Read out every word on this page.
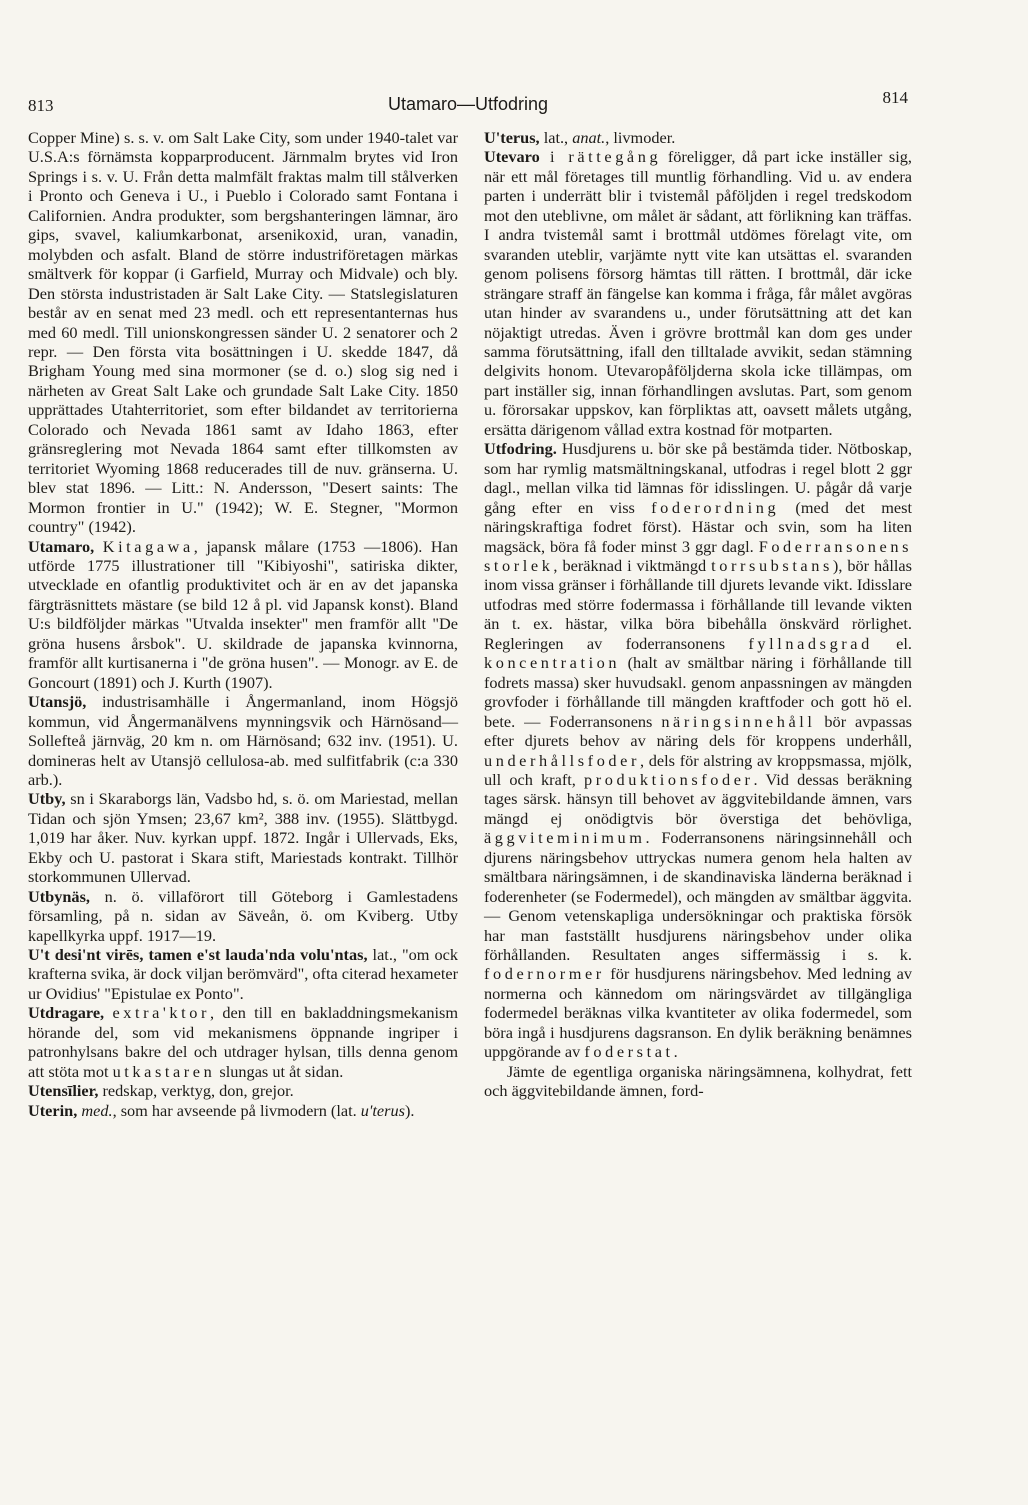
813	Utamaro—Utfodring	814

Copper Mine) s. s. v. om Salt Lake City, som under 1940-talet var U.S.A:s förnämsta kopparproducent. Järnmalm brytes vid Iron Springs i s. v. U. Från detta malmfält fraktas malm till stålverken i Pronto och Geneva i U., i Pueblo i Colorado samt Fontana i Californien. Andra produkter, som bergshanteringen lämnar, äro gips, svavel, kaliumkarbonat, arsenikoxid, uran, vanadin, molybden och asfalt. Bland de större industriföretagen märkas smältverk för koppar (i Garfield, Murray och Midvale) och bly. Den största industristaden är Salt Lake City. — Statslegislaturen består av en senat med 23 medl. och ett representanternas hus med 60 medl. Till unionskongressen sänder U. 2 senatorer och 2 repr. — Den första vita bosättningen i U. skedde 1847, då Brigham Young med sina mormoner (se d. o.) slog sig ned i närheten av Great Salt Lake och grundade Salt Lake City. 1850 upprättades Utahterritoriet, som efter bildandet av territorierna Colorado och Nevada 1861 samt av Idaho 1863, efter gränsreglering mot Nevada 1864 samt efter tillkomsten av territoriet Wyoming 1868 reducerades till de nuv. gränserna. U. blev stat 1896. — Litt.: N. Andersson, "Desert saints: The Mormon frontier in U." (1942); W. E. Stegner, "Mormon country" (1942).

Utamaro, Kitagawa, japansk målare (1753 —1806). Han utförde 1775 illustrationer till "Kibiyoshi", satiriska dikter, utvecklade en ofantlig produktivitet och är en av det japanska färgträsnittets mästare (se bild 12 å pl. vid Japansk konst). Bland U:s bildföljder märkas "Utvalda insekter" men framför allt "De gröna husens årsbok". U. skildrade de japanska kvinnorna, framför allt kurtisanerna i "de gröna husen". — Monogr. av E. de Goncourt (1891) och J. Kurth (1907).

Utansjö, industrisamhälle i Ångermanland, inom Högsjö kommun, vid Ångermanälvens mynningsvik och Härnösand—Sollefteå järnväg, 20 km n. om Härnösand; 632 inv. (1951). U. domineras helt av Utansjö cellulosa-ab. med sulfitfabrik (c:a 330 arb.).

Utby, sn i Skaraborgs län, Vadsbo hd, s. ö. om Mariestad, mellan Tidan och sjön Ymsen; 23,67 km², 388 inv. (1955). Slättbygd. 1,019 har åker. Nuv. kyrkan uppf. 1872. Ingår i Ullervads, Eks, Ekby och U. pastorat i Skara stift, Mariestads kontrakt. Tillhör storkommunen Ullervad.

Utbynäs, n. ö. villaförort till Göteborg i Gamlestadens församling, på n. sidan av Säveån, ö. om Kviberg. Utby kapellkyrka uppf. 1917—19.

U't desi'nt virēs, tamen e'st lauda'nda volu'ntas, lat., "om ock krafterna svika, är dock viljan berömvärd", ofta citerad hexameter ur Ovidius' "Epistulae ex Ponto".

Utdragare, extra'ktor, den till en bakladdningsmekanism hörande del, som vid mekanismens öppnande ingriper i patronhylsans bakre del och utdrager hylsan, tills denna genom att stöta mot utkastaren slungas ut åt sidan.

Utensīlier, redskap, verktyg, don, grejor.

Uterin, med., som har avseende på livmodern (lat. u'terus).

U'terus, lat., anat., livmoder.

Utevaro i rättegång föreligger, då part icke inställer sig, när ett mål företages till muntlig förhandling. Vid u. av endera parten i underrätt blir i tvistemål påföljden i regel tredskodom mot den uteblivne, om målet är sådant, att förlikning kan träffas. I andra tvistemål samt i brottmål utdömes förelagt vite, om svaranden uteblir, varjämte nytt vite kan utsättas el. svaranden genom polisens försorg hämtas till rätten. I brottmål, där icke strängare straff än fängelse kan komma i fråga, får målet avgöras utan hinder av svarandens u., under förutsättning att det kan nöjaktigt utredas. Även i grövre brottmål kan dom ges under samma förutsättning, ifall den tilltalade avvikit, sedan stämning delgivits honom. Utevaropåföljderna skola icke tillämpas, om part inställer sig, innan förhandlingen avslutas. Part, som genom u. förorsakar uppskov, kan förpliktas att, oavsett målets utgång, ersätta därigenom vållad extra kostnad för motparten.

Utfodring. Husdjurens u. bör ske på bestämda tider. Nötboskap, som har rymlig matsmältningskanal, utfodras i regel blott 2 ggr dagl., mellan vilka tid lämnas för idisslingen. U. pågår då varje gång efter en viss foderordning (med det mest näringskraftiga fodret först). Hästar och svin, som ha liten magsäck, böra få foder minst 3 ggr dagl. Foderransonens storlek, beräknad i viktmängd torrsubstans), bör hållas inom vissa gränser i förhållande till djurets levande vikt. Idisslare utfodras med större fodermassa i förhållande till levande vikten än t. ex. hästar, vilka böra bibehålla önskvärd rörlighet. Regleringen av foderransonens fyllnadsgrad el. koncentration (halt av smältbar näring i förhållande till fodrets massa) sker huvudsakl. genom anpassningen av mängden grovfoder i förhållande till mängden kraftfoder och gott hö el. bete. — Foderransonens näringsinnehåll bör avpassas efter djurets behov av näring dels för kroppens underhåll, underhållsfoder, dels för alstring av kroppsmassa, mjölk, ull och kraft, produktionsfoder. Vid dessas beräkning tages särsk. hänsyn till behovet av äggvitebildande ämnen, vars mängd ej onödigtvis bör överstiga det behövliga, äggviteminimum. Foderransonens näringsinnehåll och djurens näringsbehov uttryckas numera genom hela halten av smältbara näringsämnen, i de skandinaviska länderna beräknad i foderenheter (se Fodermedel), och mängden av smältbar äggvita. — Genom vetenskapliga undersökningar och praktiska försök har man fastställt husdjurens näringsbehov under olika förhållanden. Resultaten anges siffermässig i s. k. fodernormer för husdjurens näringsbehov. Med ledning av normerna och kännedom om näringsvärdet av tillgängliga fodermedel beräknas vilka kvantiteter av olika fodermedel, som böra ingå i husdjurens dagsranson. En dylik beräkning benämnes uppgörande av foderstat.

Jämte de egentliga organiska näringsämnena, kolhydrat, fett och äggvitebildande ämnen, ford-
